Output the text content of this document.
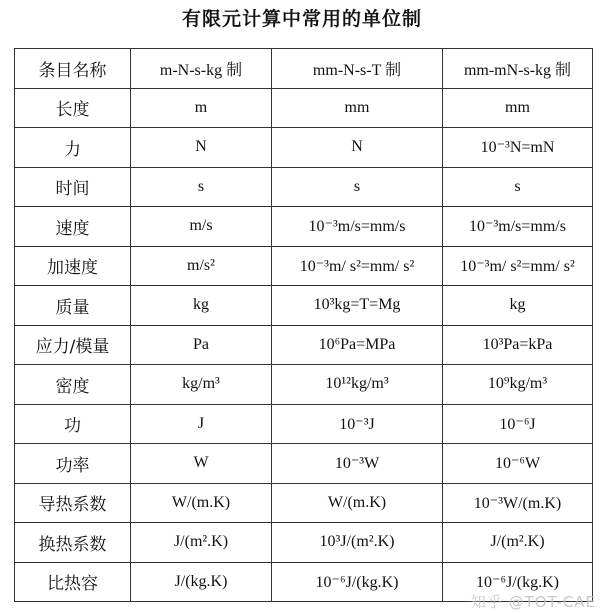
有限元计算中常用的单位制
条目名称	m-N-s-kg 制	mm-N-s-T 制	mm-mN-s-kg 制
长度	m	mm	mm
力	N	N	10⁻³N=mN
时间	s	s	s
速度	m/s	10⁻³m/s=mm/s	10⁻³m/s=mm/s
加速度	m/s²	10⁻³m/ s²=mm/ s²	10⁻³m/ s²=mm/ s²
质量	kg	10³kg=T=Mg	kg
应力/模量	Pa	10⁶Pa=MPa	10³Pa=kPa
密度	kg/m³	10¹²kg/m³	10⁹kg/m³
功	J	10⁻³J	10⁻⁶J
功率	W	10⁻³W	10⁻⁶W
导热系数	W/(m.K)	W/(m.K)	10⁻³W/(m.K)
换热系数	J/(m².K)	10³J/(m².K)	J/(m².K)
比热容	J/(kg.K)	10⁻⁶J/(kg.K)	10⁻⁶J/(kg.K)
知乎 @TOT-CAE
